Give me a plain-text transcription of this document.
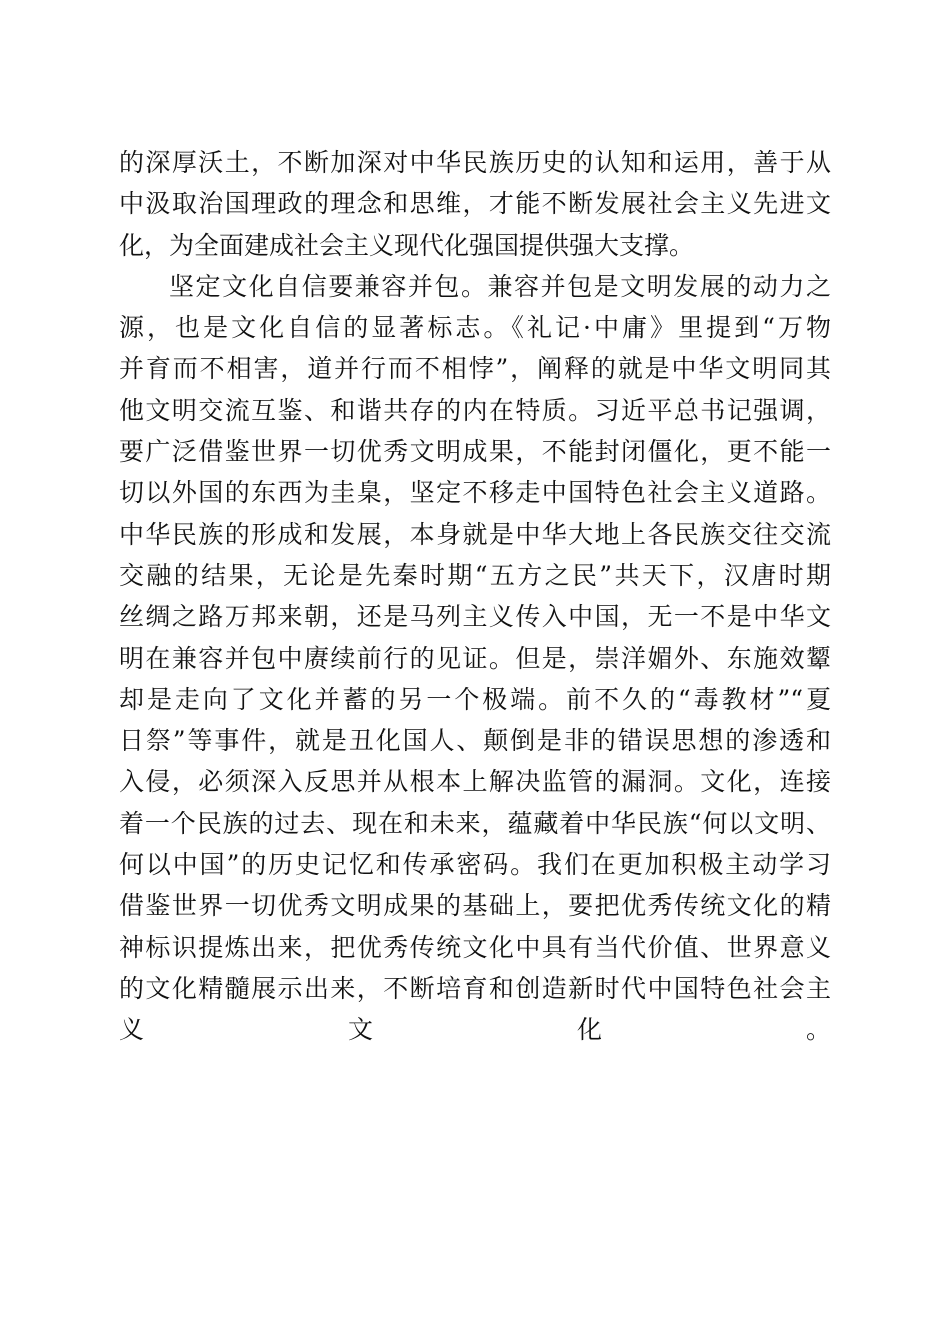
的深厚沃土，不断加深对中华民族历史的认知和运用，善于从
中汲取治国理政的理念和思维，才能不断发展社会主义先进文
化，为全面建成社会主义现代化强国提供强大支撑。
坚定文化自信要兼容并包。兼容并包是文明发展的动力之
源，也是文化自信的显著标志。《礼记·中庸》里提到“万物
并育而不相害，道并行而不相悖”，阐释的就是中华文明同其
他文明交流互鉴、和谐共存的内在特质。习近平总书记强调，
要广泛借鉴世界一切优秀文明成果，不能封闭僵化，更不能一
切以外国的东西为圭臬，坚定不移走中国特色社会主义道路。
中华民族的形成和发展，本身就是中华大地上各民族交往交流
交融的结果，无论是先秦时期“五方之民”共天下，汉唐时期
丝绸之路万邦来朝，还是马列主义传入中国，无一不是中华文
明在兼容并包中赓续前行的见证。但是，崇洋媚外、东施效颦
却是走向了文化并蓄的另一个极端。前不久的“毒教材”“夏
日祭”等事件，就是丑化国人、颠倒是非的错误思想的渗透和
入侵，必须深入反思并从根本上解决监管的漏洞。文化，连接
着一个民族的过去、现在和未来，蕴藏着中华民族“何以文明、
何以中国”的历史记忆和传承密码。我们在更加积极主动学习
借鉴世界一切优秀文明成果的基础上，要把优秀传统文化的精
神标识提炼出来，把优秀传统文化中具有当代价值、世界意义
的文化精髓展示出来，不断培育和创造新时代中国特色社会主
义文化。
